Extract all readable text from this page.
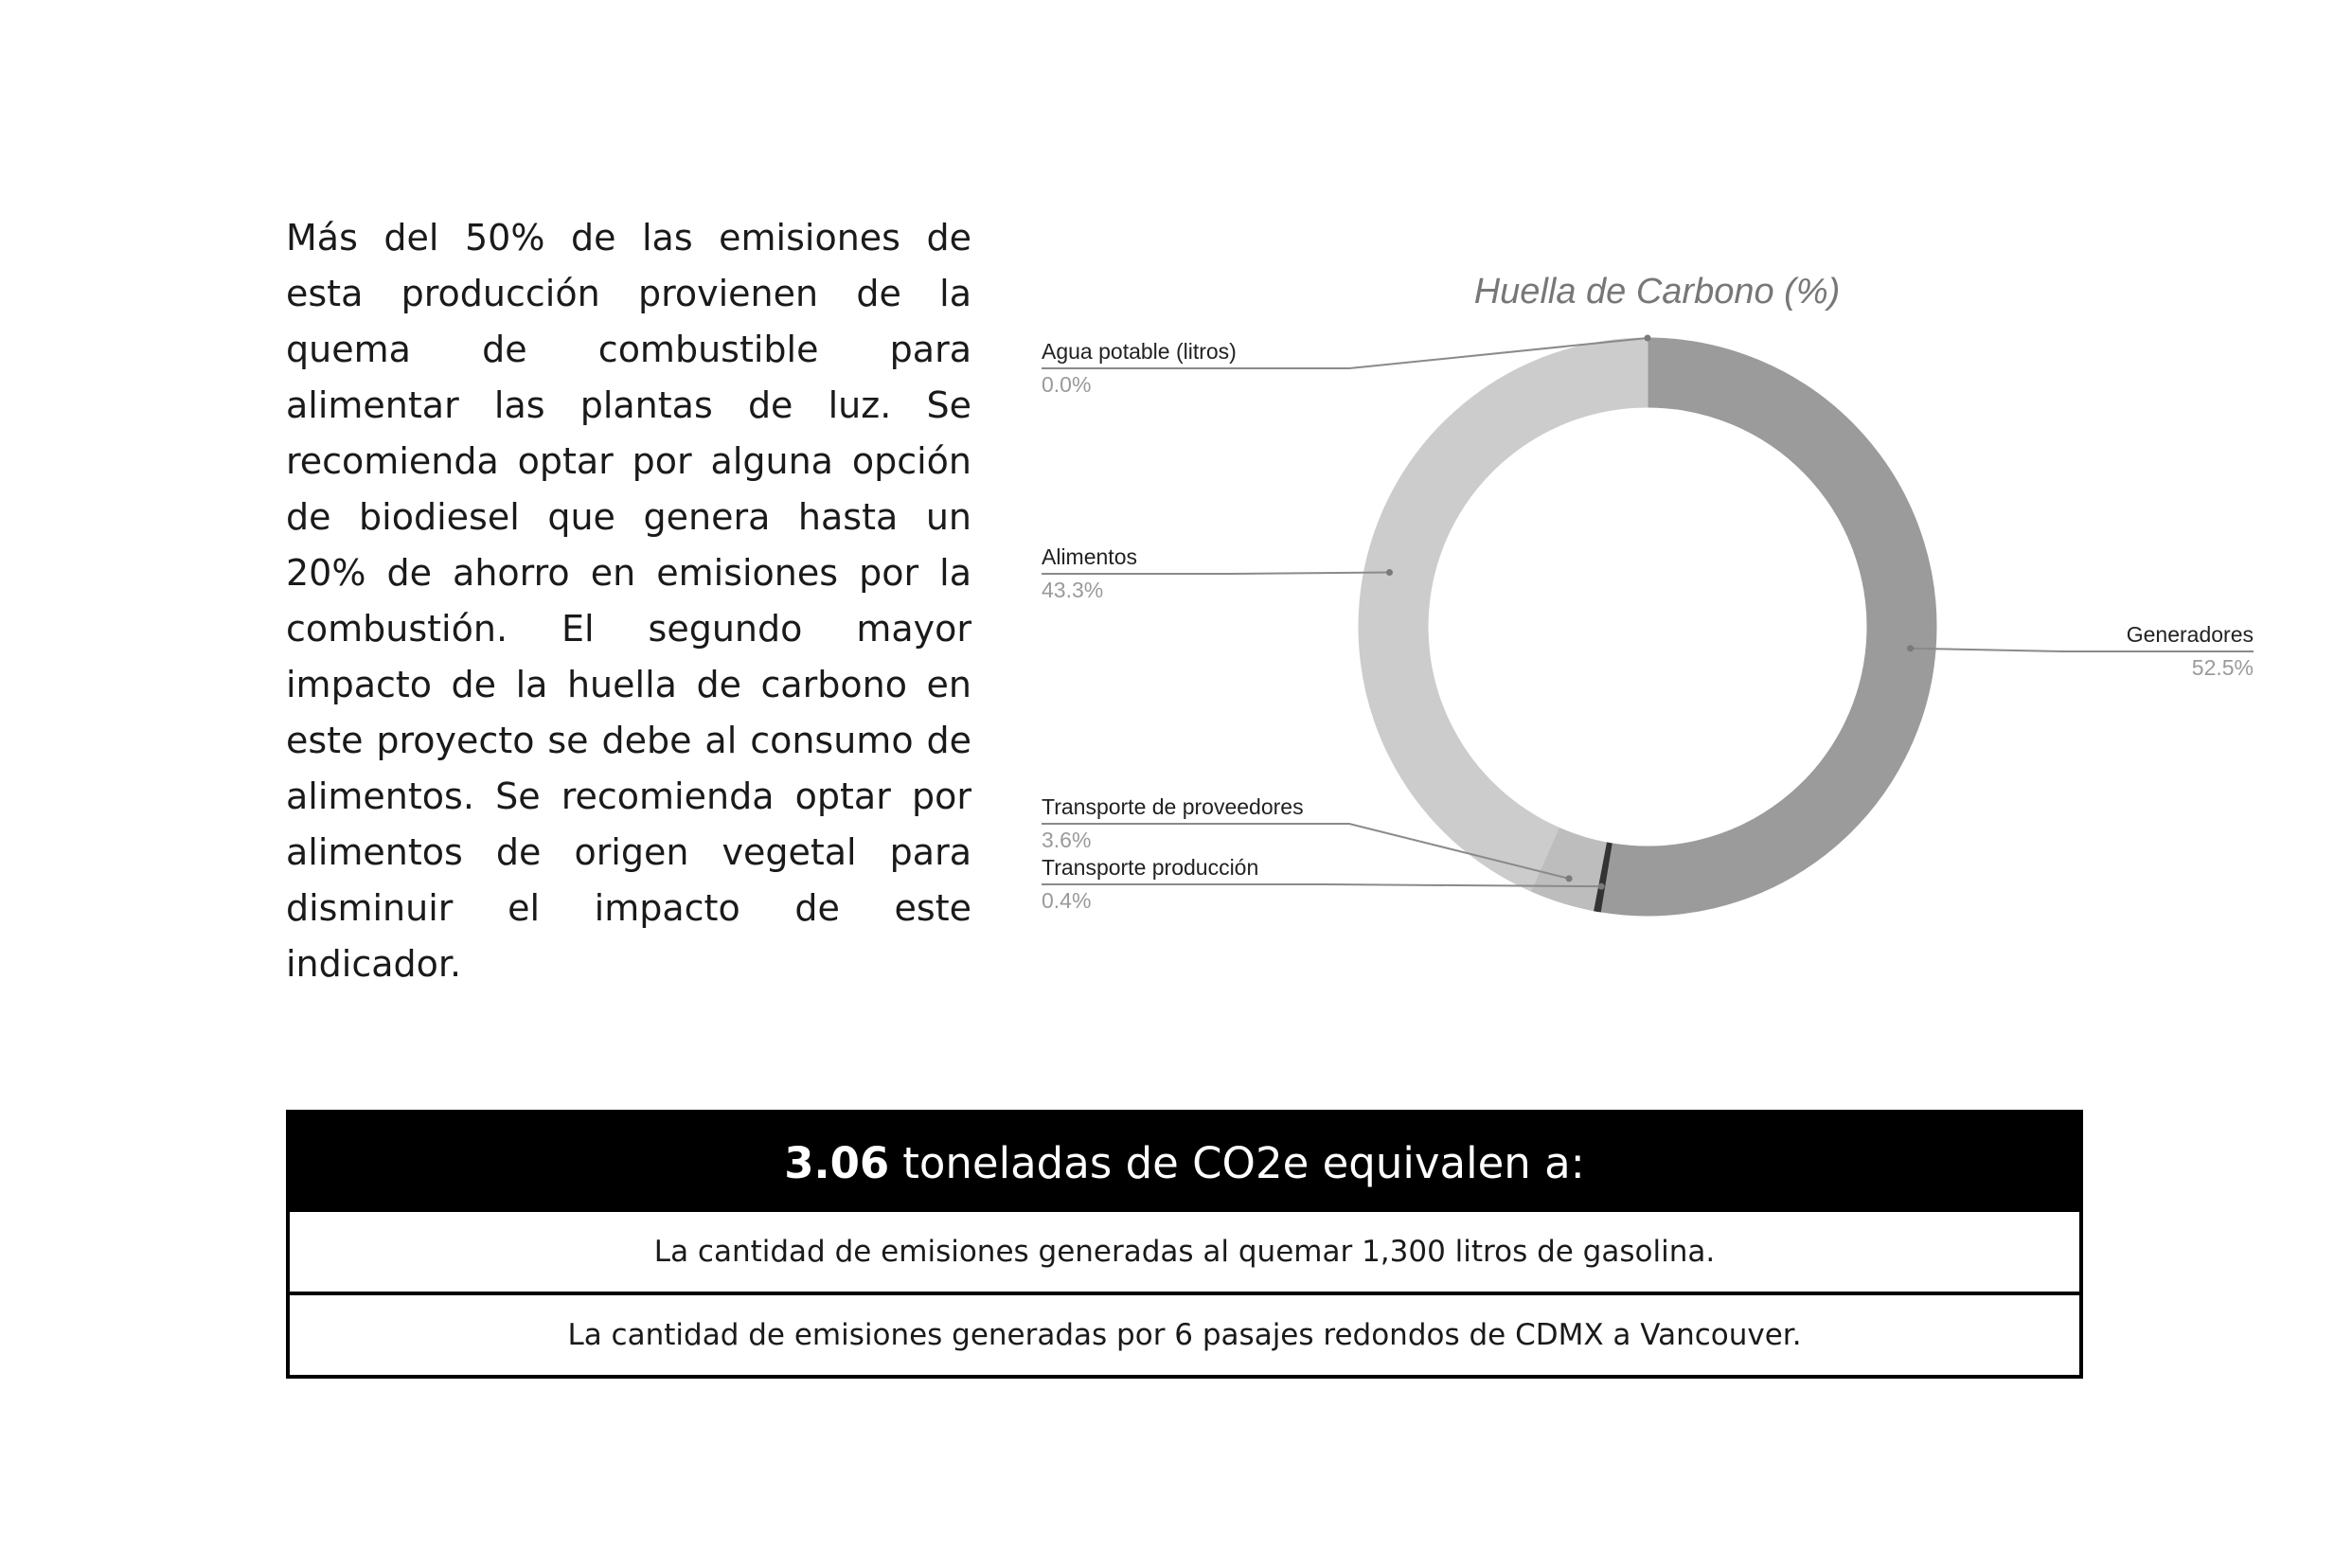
Más del 50% de las emisiones de esta producción provienen de la quema de combustible para alimentar las plantas de luz. Se recomienda optar por alguna opción de biodiesel que genera hasta un 20% de ahorro en emisiones por la combustión. El segundo mayor impacto de la huella de carbono en este proyecto se debe al consumo de alimentos. Se recomienda optar por alimentos de origen vegetal para disminuir el impacto de este indicador.

Huella de Carbono (%)
Generadores
52.5%
Transporte producción
0.4%
Transporte de proveedores
3.6%
Alimentos
43.3%
Agua potable (litros)
0.0%
3.06 toneladas de CO2e equivalen a:
La cantidad de emisiones generadas al quemar 1,300 litros de gasolina.
La cantidad de emisiones generadas por 6 pasajes redondos de CDMX a Vancouver.
